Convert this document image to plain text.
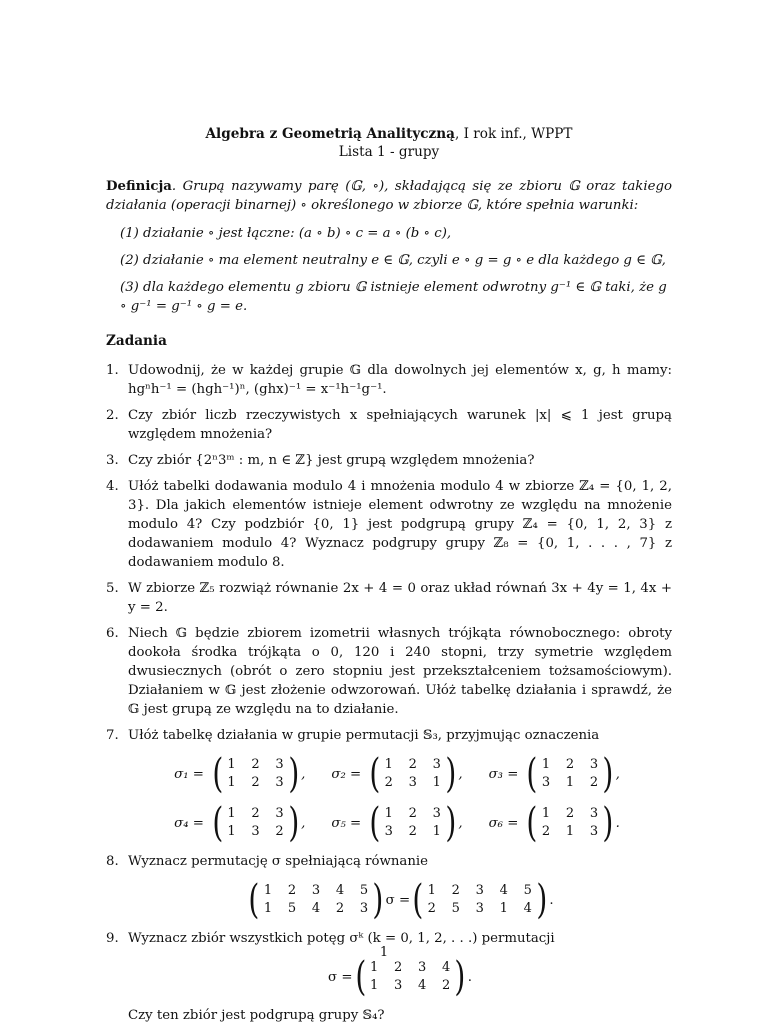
Algebra z Geometrią Analityczną, I rok inf., WPPT
Lista 1 - grupy
Definicja. Grupą nazywamy parę (𝔾, ∘), składającą się ze zbioru 𝔾 oraz takiego działania (operacji binarnej) ∘ określonego w zbiorze 𝔾, które spełnia warunki:
(1) działanie ∘ jest łączne: (a ∘ b) ∘ c = a ∘ (b ∘ c),
(2) działanie ∘ ma element neutralny e ∈ 𝔾, czyli e ∘ g = g ∘ e dla każdego g ∈ 𝔾,
(3) dla każdego elementu g zbioru 𝔾 istnieje element odwrotny g⁻¹ ∈ 𝔾 taki, że g ∘ g⁻¹ = g⁻¹ ∘ g = e.
Zadania
1. Udowodnij, że w każdej grupie 𝔾 dla dowolnych jej elementów x, g, h mamy: hgⁿh⁻¹ = (hgh⁻¹)ⁿ, (ghx)⁻¹ = x⁻¹h⁻¹g⁻¹.
2. Czy zbiór liczb rzeczywistych x spełniających warunek |x| ⩽ 1 jest grupą względem mnożenia?
3. Czy zbiór {2ⁿ3ᵐ : m, n ∈ ℤ} jest grupą względem mnożenia?
4. Ułóż tabelki dodawania modulo 4 i mnożenia modulo 4 w zbiorze ℤ₄ = {0, 1, 2, 3}. Dla jakich elementów istnieje element odwrotny ze względu na mnożenie modulo 4? Czy podzbiór {0, 1} jest podgrupą grupy ℤ₄ = {0, 1, 2, 3} z dodawaniem modulo 4? Wyznacz podgrupy grupy ℤ₈ = {0, 1, . . . , 7} z dodawaniem modulo 8.
5. W zbiorze ℤ₅ rozwiąż równanie 2x + 4 = 0 oraz układ równań 3x + 4y = 1, 4x + y = 2.
6. Niech 𝔾 będzie zbiorem izometrii własnych trójkąta równobocznego: obroty dookoła środka trójkąta o 0, 120 i 240 stopni, trzy symetrie względem dwusiecznych (obrót o zero stopniu jest przekształceniem tożsamościowym). Działaniem w 𝔾 jest złożenie odwzorowań. Ułóż tabelkę działania i sprawdź, że 𝔾 jest grupą ze względu na to działanie.
7. Ułóż tabelkę działania w grupie permutacji 𝕊₃, przyjmując oznaczenia
σ₁ = ( 1 2 3
1 2 3 ) , σ₂ = ( 1 2 3
2 3 1 ) , σ₃ = ( 1 2 3
3 1 2 ) ,
σ₄ = ( 1 2 3
1 3 2 ) , σ₅ = ( 1 2 3
3 2 1 ) , σ₆ = ( 1 2 3
2 1 3 ) .
8. Wyznacz permutację σ spełniającą równanie
( 1 2 3 4 5
1 5 4 2 3 ) σ = ( 1 2 3 4 5
2 5 3 1 4 ) .
9. Wyznacz zbiór wszystkich potęg σᵏ (k = 0, 1, 2, . . .) permutacji
σ = ( 1 2 3 4
1 3 4 2 ) .
Czy ten zbiór jest podgrupą grupy 𝕊₄?
1
